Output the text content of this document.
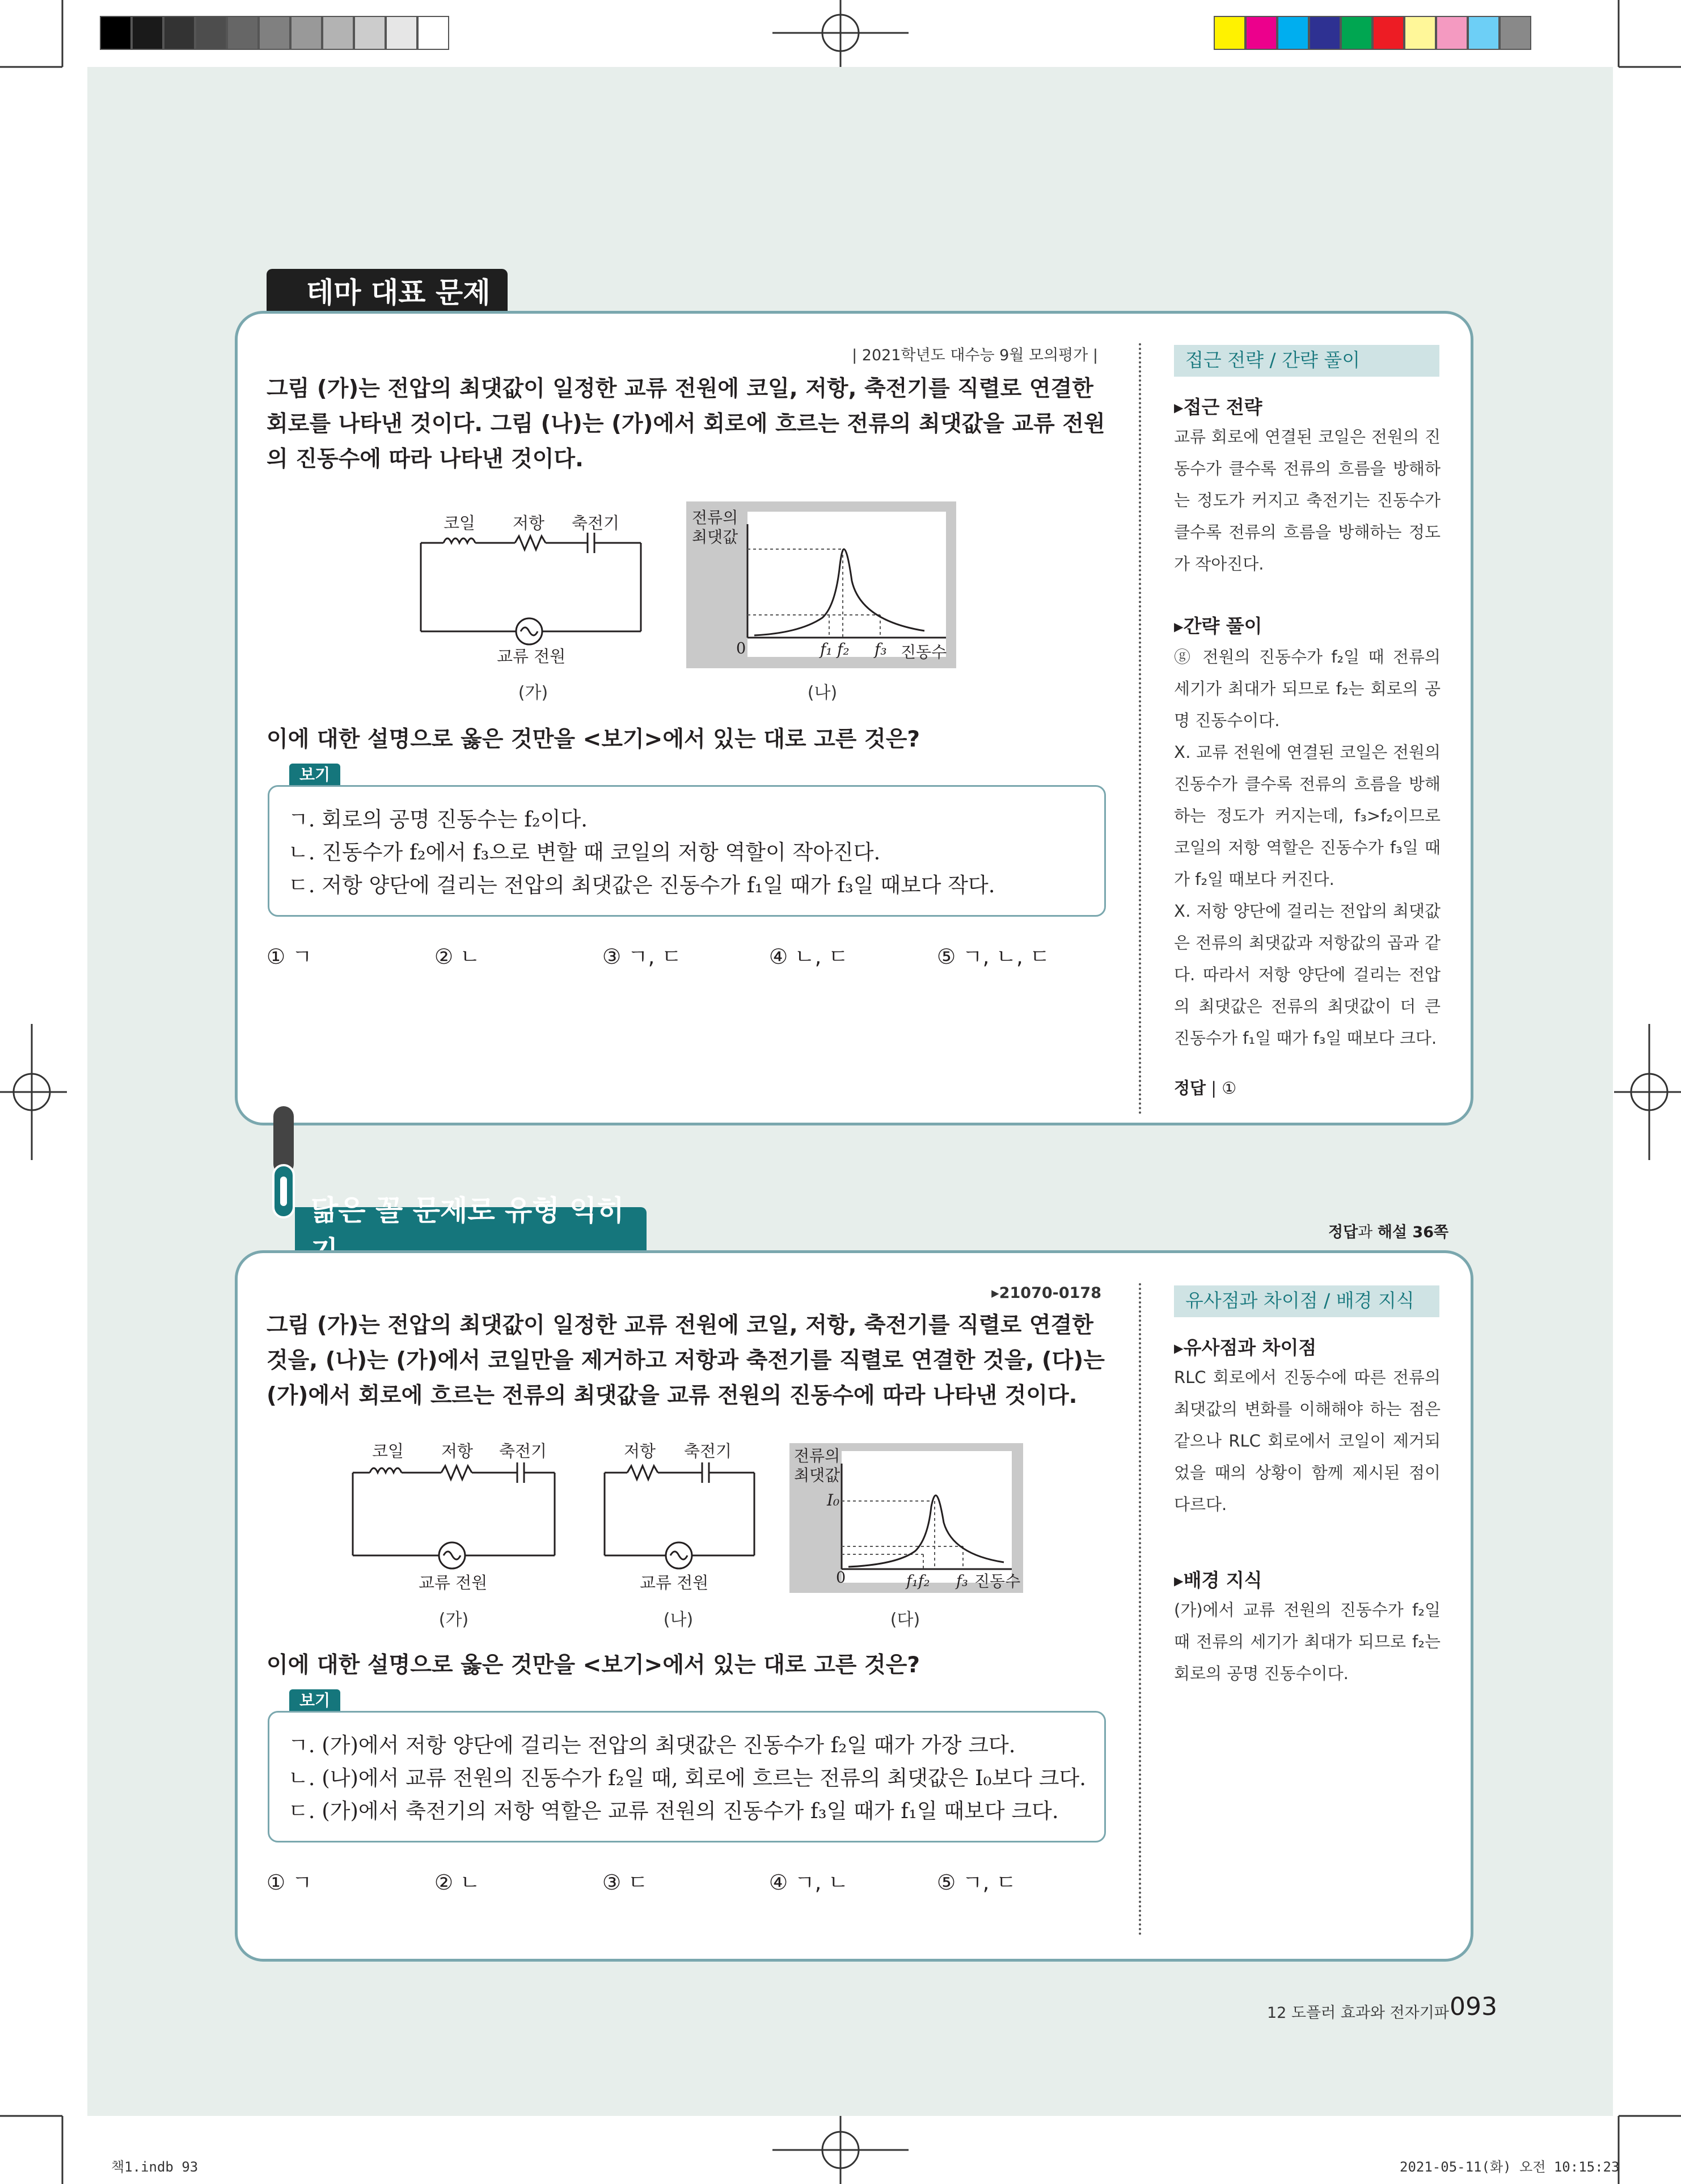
테마 대표 문제
| 2021학년도 대수능 9월 모의평가 |
그림 (가)는 전압의 최댓값이 일정한 교류 전원에 코일, 저항, 축전기를 직렬로 연결한 회로를 나타낸 것이다. 그림 (나)는 (가)에서 회로에 흐르는 전류의 최댓값을 교류 전원의 진동수에 따라 나타낸 것이다.
코일 저항 축전기
교류 전원
(가)
f₁ f₂ f₃
전류의
최댓값
0	진동수
(나)
이에 대한 설명으로 옳은 것만을 <보기>에서 있는 대로 고른 것은?
보기
ㄱ. 회로의 공명 진동수는 f₂이다.
ㄴ. 진동수가 f₂에서 f₃으로 변할 때 코일의 저항 역할이 작아진다.
ㄷ. 저항 양단에 걸리는 전압의 최댓값은 진동수가 f₁일 때가 f₃일 때보다 작다.
① ㄱ	② ㄴ	③ ㄱ, ㄷ	④ ㄴ, ㄷ	⑤ ㄱ, ㄴ, ㄷ
접근 전략 / 간략 풀이
▸접근 전략
교류 회로에 연결된 코일은 전원의 진동수가 클수록 전류의 흐름을 방해하는 정도가 커지고 축전기는 진동수가 클수록 전류의 흐름을 방해하는 정도가 작아진다.
▸간략 풀이
ⓖ 전원의 진동수가 f₂일 때 전류의 세기가 최대가 되므로 f₂는 회로의 공명 진동수이다.
Ⅹ. 교류 전원에 연결된 코일은 전원의 진동수가 클수록 전류의 흐름을 방해하는 정도가 커지는데, f₃>f₂이므로 코일의 저항 역할은 진동수가 f₃일 때가 f₂일 때보다 커진다.
Ⅹ. 저항 양단에 걸리는 전압의 최댓값은 전류의 최댓값과 저항값의 곱과 같다. 따라서 저항 양단에 걸리는 전압의 최댓값은 전류의 최댓값이 더 큰 진동수가 f₁일 때가 f₃일 때보다 크다.
정답 | ①
닮은 꼴 문제로 유형 익히
정답과 해설 36쪽
▸21070-0178
그림 (가)는 전압의 최댓값이 일정한 교류 전원에 코일, 저항, 축전기를 직렬로 연결한 것을, (나)는 (가)에서 코일만을 제거하고 저항과 축전기를 직렬로 연결한 것을, (다)는 (가)에서 회로에 흐르는 전류의 최댓값을 교류 전원의 진동수에 따라 나타낸 것이다.
코일 저항 축전기
교류 전원
(가)
저항 축전기
교류 전원
(나)
f₁f₂ f₃
전류의
최댓값
I₀
0	진동수
(다)
이에 대한 설명으로 옳은 것만을 <보기>에서 있는 대로 고른 것은?
보기
ㄱ. (가)에서 저항 양단에 걸리는 전압의 최댓값은 진동수가 f₂일 때가 가장 크다.
ㄴ. (나)에서 교류 전원의 진동수가 f₂일 때, 회로에 흐르는 전류의 최댓값은 I₀보다 크다.
ㄷ. (가)에서 축전기의 저항 역할은 교류 전원의 진동수가 f₃일 때가 f₁일 때보다 크다.
① ㄱ	② ㄴ	③ ㄷ	④ ㄱ, ㄴ	⑤ ㄱ, ㄷ
유사점과 차이점 / 배경 지식
▸유사점과 차이점
RLC 회로에서 진동수에 따른 전류의 최댓값의 변화를 이해해야 하는 점은 같으나 RLC 회로에서 코일이 제거되었을 때의 상황이 함께 제시된 점이 다르다.
▸배경 지식
(가)에서 교류 전원의 진동수가 f₂일 때 전류의 세기가 최대가 되므로 f₂는 회로의 공명 진동수이다.
12 도플러 효과와 전자기파 093
책1.indb 93	2021-05-11(화) 오전 10:15:23
